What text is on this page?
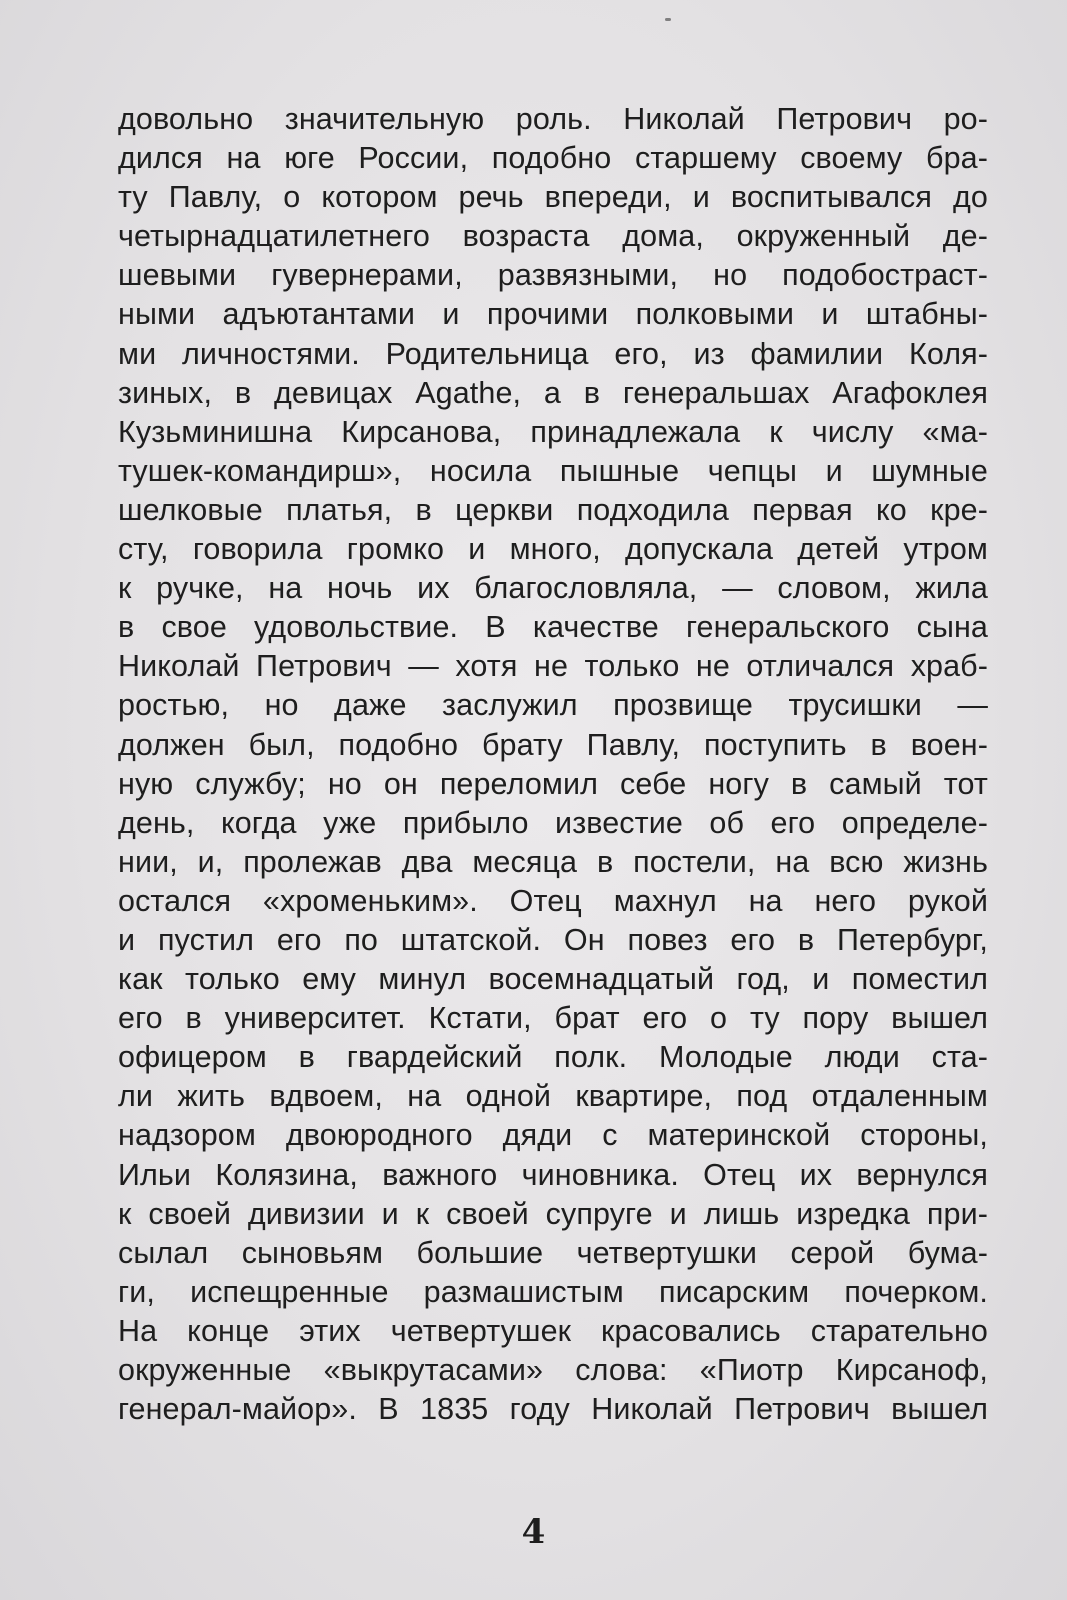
довольно значительную роль. Николай Петрович ро-
дился на юге России, подобно старшему своему бра-
ту Павлу, о котором речь впереди, и воспитывался до
четырнадцатилетнего возраста дома, окруженный де-
шевыми гувернерами, развязными, но подобостраст-
ными адъютантами и прочими полковыми и штабны-
ми личностями. Родительница его, из фамилии Коля-
зиных, в девицах Agathe, а в генеральшах Агафоклея
Кузьминишна Кирсанова, принадлежала к числу «ма-
тушек-командирш», носила пышные чепцы и шумные
шелковые платья, в церкви подходила первая ко кре-
сту, говорила громко и много, допускала детей утром
к ручке, на ночь их благословляла, — словом, жила
в свое удовольствие. В качестве генеральского сына
Николай Петрович — хотя не только не отличался храб-
ростью, но даже заслужил прозвище трусишки —
должен был, подобно брату Павлу, поступить в воен-
ную службу; но он переломил себе ногу в самый тот
день, когда уже прибыло известие об его определе-
нии, и, пролежав два месяца в постели, на всю жизнь
остался «хроменьким». Отец махнул на него рукой
и пустил его по штатской. Он повез его в Петербург,
как только ему минул восемнадцатый год, и поместил
его в университет. Кстати, брат его о ту пору вышел
офицером в гвардейский полк. Молодые люди ста-
ли жить вдвоем, на одной квартире, под отдаленным
надзором двоюродного дяди с материнской стороны,
Ильи Колязина, важного чиновника. Отец их вернулся
к своей дивизии и к своей супруге и лишь изредка при-
сылал сыновьям большие четвертушки серой бума-
ги, испещренные размашистым писарским почерком.
На конце этих четвертушек красовались старательно
окруженные «выкрутасами» слова: «Пиотр Кирсаноф,
генерал-майор». В 1835 году Николай Петрович вышел
4
